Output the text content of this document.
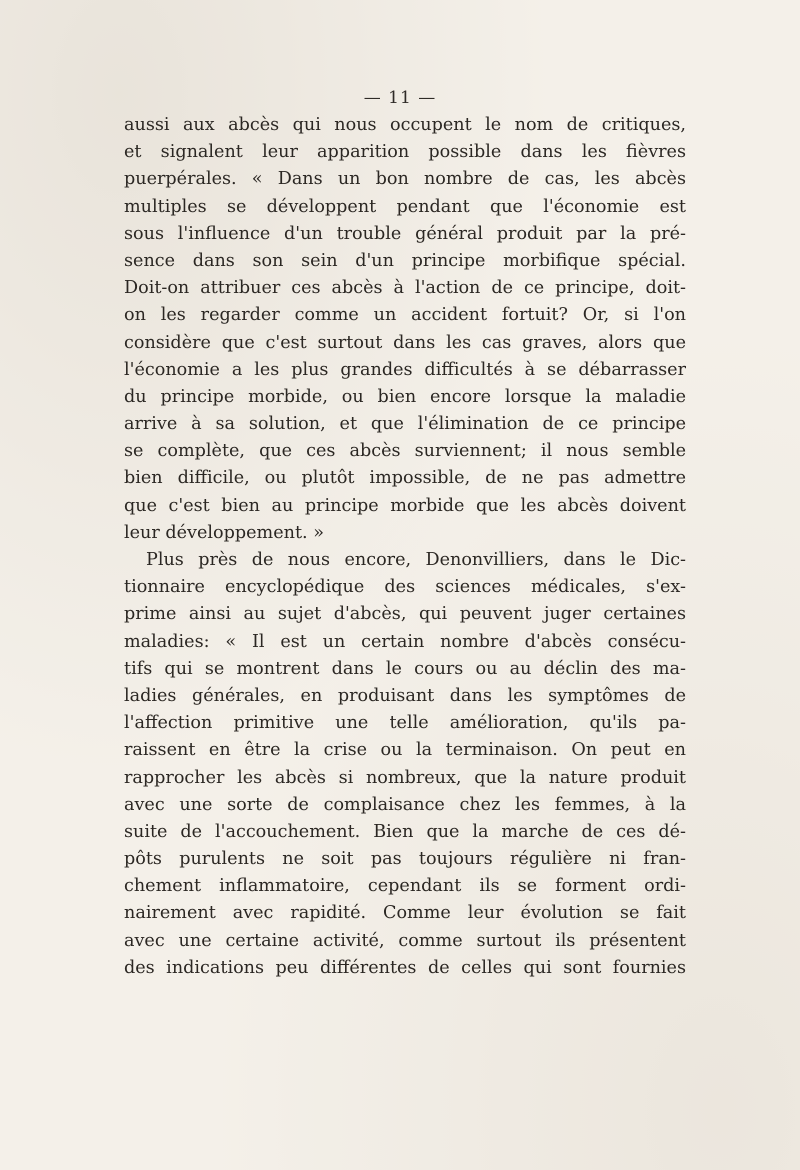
— 11 —
aussi aux abcès qui nous occupent le nom de critiques,
et signalent leur apparition possible dans les fièvres
puerpérales. « Dans un bon nombre de cas, les abcès
multiples se développent pendant que l'économie est
sous l'influence d'un trouble général produit par la pré-
sence dans son sein d'un principe morbifique spécial.
Doit-on attribuer ces abcès à l'action de ce principe, doit-
on les regarder comme un accident fortuit? Or, si l'on
considère que c'est surtout dans les cas graves, alors que
l'économie a les plus grandes difficultés à se débarrasser
du principe morbide, ou bien encore lorsque la maladie
arrive à sa solution, et que l'élimination de ce principe
se complète, que ces abcès surviennent; il nous semble
bien difficile, ou plutôt impossible, de ne pas admettre
que c'est bien au principe morbide que les abcès doivent
leur développement. »
Plus près de nous encore, Denonvilliers, dans le Dic-
tionnaire encyclopédique des sciences médicales, s'ex-
prime ainsi au sujet d'abcès, qui peuvent juger certaines
maladies: « Il est un certain nombre d'abcès consécu-
tifs qui se montrent dans le cours ou au déclin des ma-
ladies générales, en produisant dans les symptômes de
l'affection primitive une telle amélioration, qu'ils pa-
raissent en être la crise ou la terminaison. On peut en
rapprocher les abcès si nombreux, que la nature produit
avec une sorte de complaisance chez les femmes, à la
suite de l'accouchement. Bien que la marche de ces dé-
pôts purulents ne soit pas toujours régulière ni fran-
chement inflammatoire, cependant ils se forment ordi-
nairement avec rapidité. Comme leur évolution se fait
avec une certaine activité, comme surtout ils présentent
des indications peu différentes de celles qui sont fournies
